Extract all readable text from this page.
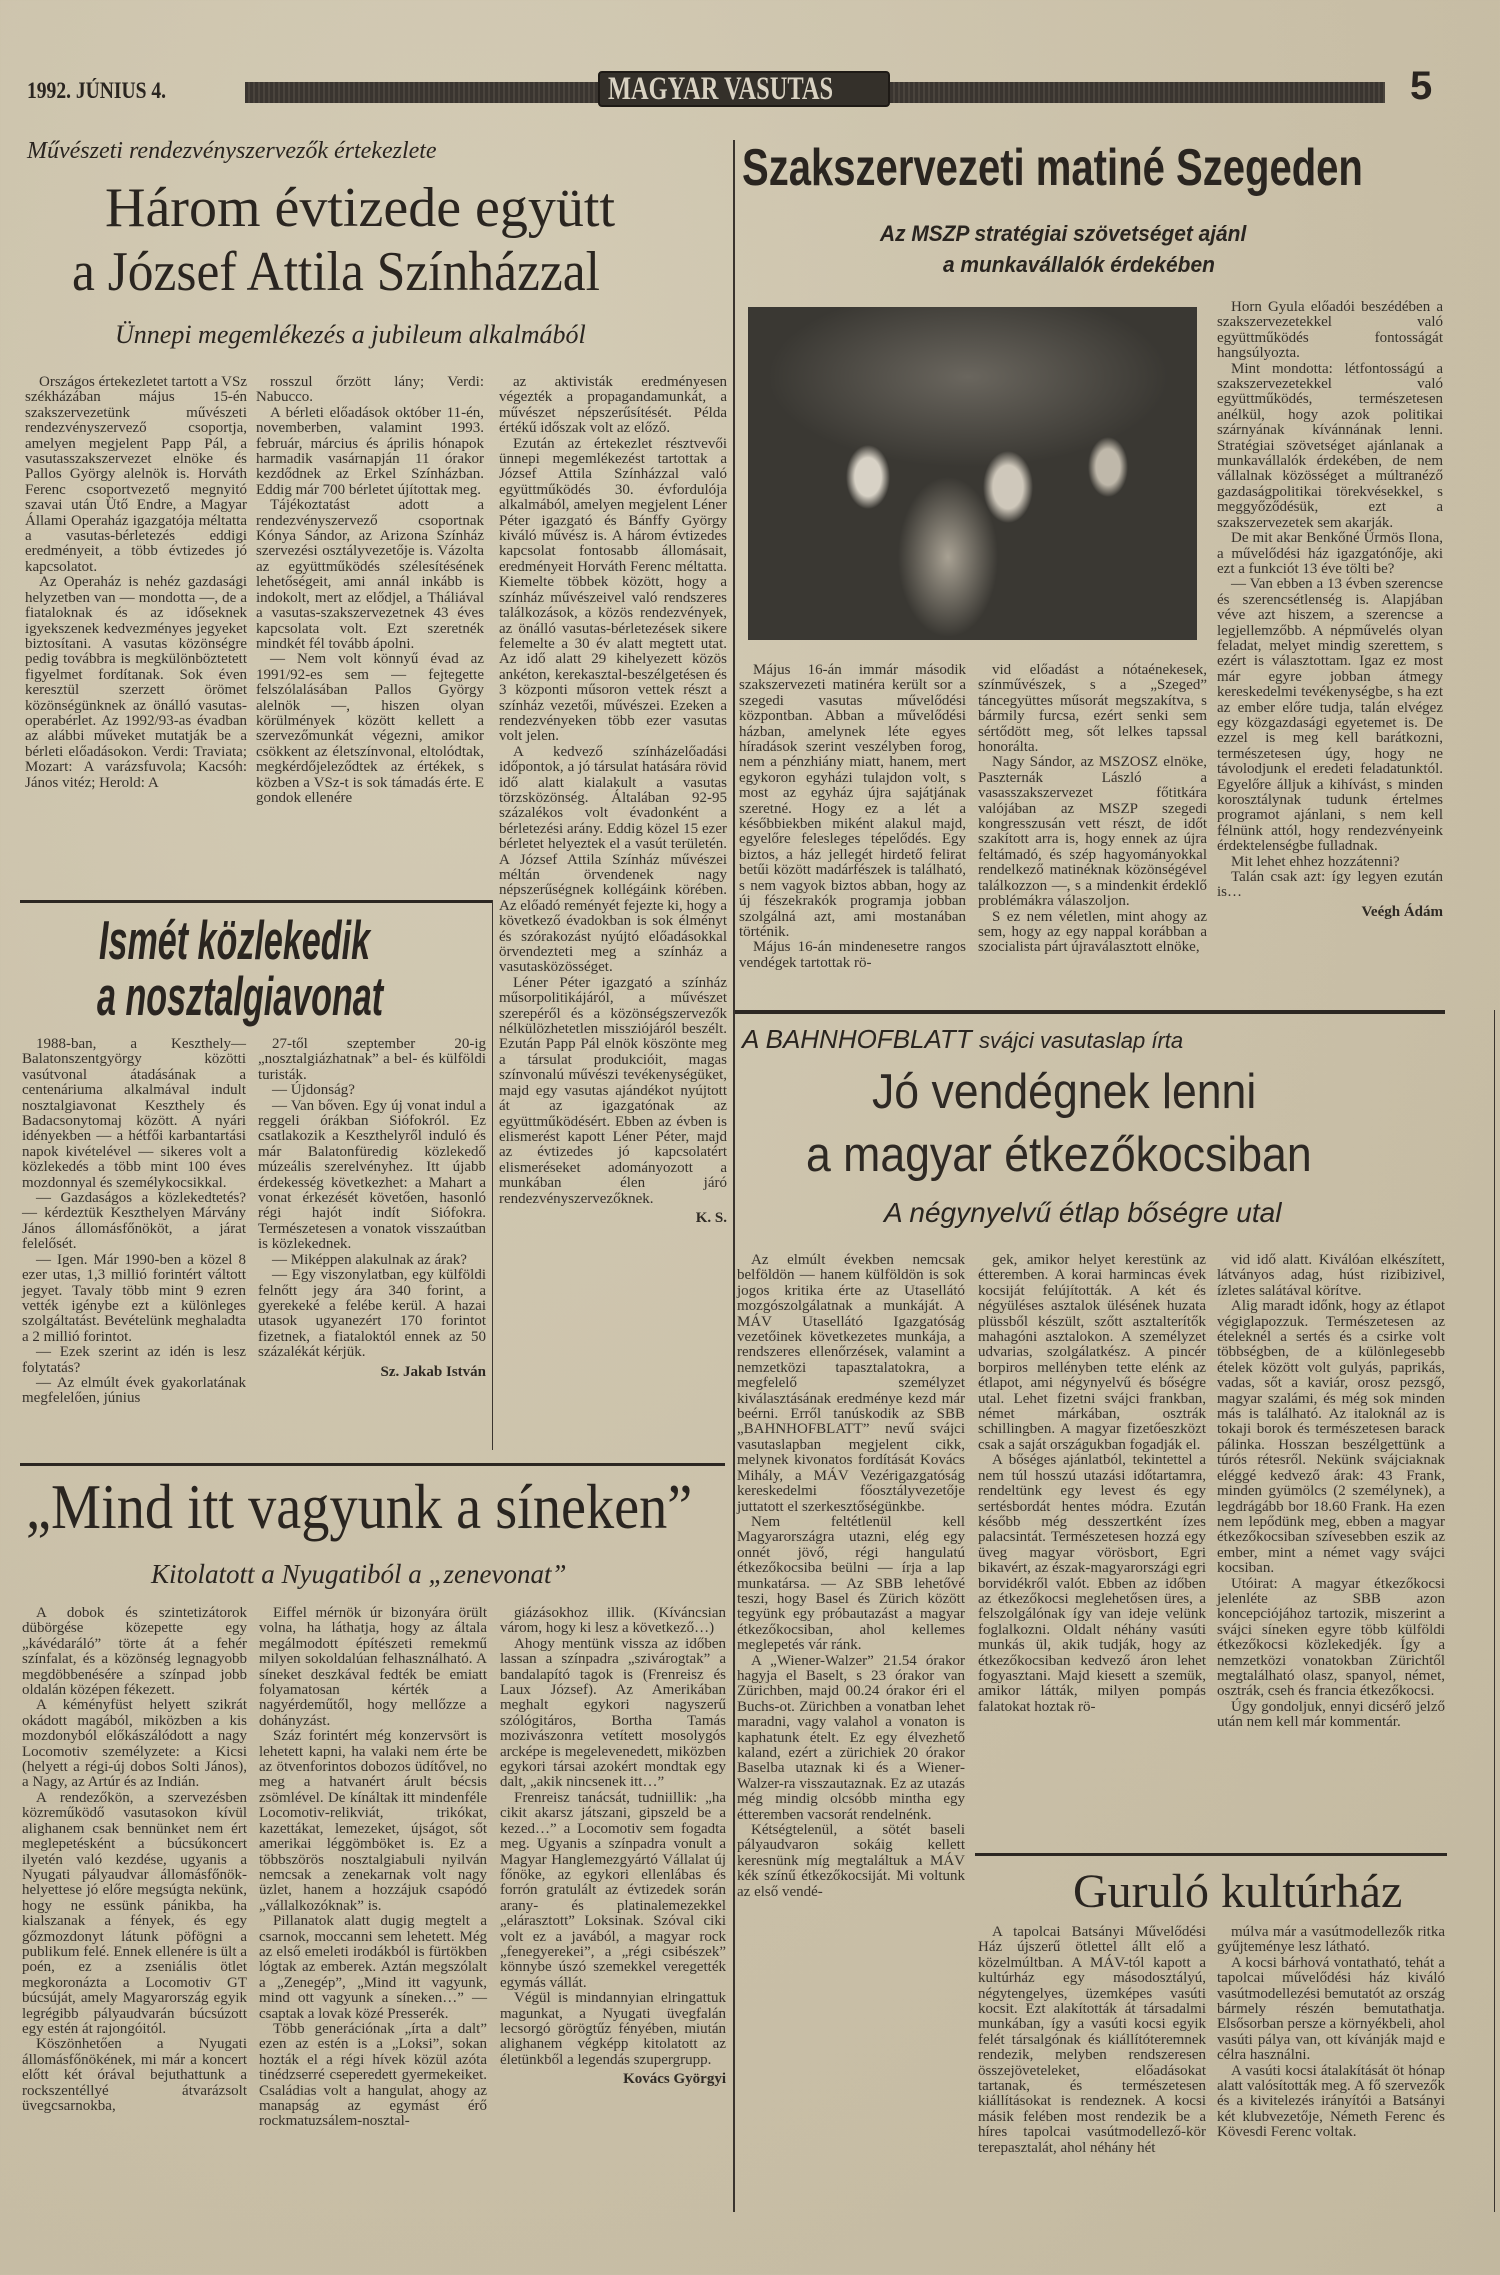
1992. JÚNIUS 4.	MAGYAR VASUTAS	5
Művészeti rendezvényszervezők értekezlete
Három évtizede együtt
a József Attila Színházzal
Ünnepi megemlékezés a jubileum alkalmából

Országos értekezletet tartott a VSz székházában május 15-én szakszervezetünk művészeti rendezvényszervező csoportja, amelyen megjelent Papp Pál, a vasutasszakszervezet elnöke és Pallos György alelnök is. Horváth Ferenc csoportvezető megnyitó szavai után Ütő Endre, a Magyar Állami Operaház igazgatója méltatta a vasutas-bérletezés eddigi eredményeit, a több évtizedes jó kapcsolatot.

Az Operaház is nehéz gazdasági helyzetben van — mondotta —, de a fiataloknak és az időseknek igyekszenek kedvezményes jegyeket biztosítani. A vasutas közönségre pedig továbbra is megkülönböztetett figyelmet fordítanak. Sok éven keresztül szerzett örömet közönségünknek az önálló vasutas-operabérlet. Az 1992/93-as évadban az alábbi műveket mutatják be a bérleti előadásokon. Verdi: Traviata; Mozart: A varázsfuvola; Kacsóh: János vitéz; Herold: A

rosszul őrzött lány; Verdi: Nabucco.

A bérleti előadások október 11-én, novemberben, valamint 1993. február, március és április hónapok harmadik vasárnapján 11 órakor kezdődnek az Erkel Színházban. Eddig már 700 bérletet újítottak meg.

Tájékoztatást adott a rendezvényszervező csoportnak Kónya Sándor, az Arizona Színház szervezési osztályvezetője is. Vázolta az együttműködés szélesítésének lehetőségeit, ami annál inkább is indokolt, mert az elődjel, a Tháliával a vasutas-szakszervezetnek 43 éves kapcsolata volt. Ezt szeretnék mindkét fél tovább ápolni.

— Nem volt könnyű évad az 1991/92-es sem — fejtegette felszólalásában Pallos György alelnök —, hiszen olyan körülmények között kellett a szervezőmunkát végezni, amikor csökkent az életszínvonal, eltolódtak, megkérdőjeleződtek az értékek, s közben a VSz-t is sok támadás érte. E gondok ellenére

az aktivisták eredményesen végezték a propagandamunkát, a művészet népszerűsítését. Példa értékű időszak volt az előző.

Ezután az értekezlet résztvevői ünnepi megemlékezést tartottak a József Attila Színházzal való együttműködés 30. évfordulója alkalmából, amelyen megjelent Léner Péter igazgató és Bánffy György kiváló művész is. A három évtizedes kapcsolat fontosabb állomásait, eredményeit Horváth Ferenc méltatta. Kiemelte többek között, hogy a színház művészeivel való rendszeres találkozások, a közös rendezvények, az önálló vasutas-bérletezések sikere felemelte a 30 év alatt megtett utat. Az idő alatt 29 kihelyezett közös ankéton, kerekasztal-beszélgetésen és 3 központi műsoron vettek részt a színház vezetői, művészei. Ezeken a rendezvényeken több ezer vasutas volt jelen.

A kedvező színházelőadási időpontok, a jó társulat hatására rövid idő alatt kialakult a vasutas törzsközönség. Általában 92-95 százalékos volt évadonként a bérletezési arány. Eddig közel 15 ezer bérletet helyeztek el a vasút területén. A József Attila Színház művészei méltán örvendenek nagy népszerűségnek kollégáink körében. Az előadó reményét fejezte ki, hogy a következő évadokban is sok élményt és szórakozást nyújtó előadásokkal örvendezteti meg a színház a vasutasközösséget.

Léner Péter igazgató a színház műsorpolitikájáról, a művészet szerepéről és a közönségszervezők nélkülözhetetlen missziójáról beszélt. Ezután Papp Pál elnök köszönte meg a társulat produkcióit, magas színvonalú művészi tevékenységüket, majd egy vasutas ajándékot nyújtott át az igazgatónak az együttműködésért. Ebben az évben is elismerést kapott Léner Péter, majd az évtizedes jó kapcsolatért elismeréseket adományozott a munkában élen járó rendezvényszervezőknek.

K. S.
Ismét közlekedik
a nosztalgiavonat

1988-ban, a Keszthely—Balatonszentgyörgy közötti vasútvonal átadásának a centenáriuma alkalmával indult nosztalgiavonat Keszthely és Badacsonytomaj között. A nyári idényekben — a hétfői karbantartási napok kivételével — sikeres volt a közlekedés a több mint 100 éves mozdonnyal és személykocsikkal.

— Gazdaságos a közlekedtetés? — kérdeztük Keszthelyen Márvány János állomásfőnököt, a járat felelősét.

— Igen. Már 1990-ben a közel 8 ezer utas, 1,3 millió forintért váltott jegyet. Tavaly több mint 9 ezren vették igénybe ezt a különleges szolgáltatást. Bevételünk meghaladta a 2 millió forintot.

— Ezek szerint az idén is lesz folytatás?

— Az elmúlt évek gyakorlatának megfelelően, június

27-től szeptember 20-ig „nosztalgiázhatnak” a bel- és külföldi turisták.

— Újdonság?

— Van bőven. Egy új vonat indul a reggeli órákban Siófokról. Ez csatlakozik a Keszthelyről induló és már Balatonfüredig közlekedő múzeális szerelvényhez. Itt újabb érdekesség következhet: a Mahart a vonat érkezését követően, hasonló régi hajót indít Siófokra. Természetesen a vonatok visszaútban is közlekednek.

— Miképpen alakulnak az árak?

— Egy viszonylatban, egy külföldi felnőtt jegy ára 340 forint, a gyerekeké a felébe kerül. A hazai utasok ugyanezért 170 forintot fizetnek, a fiataloktól ennek az 50 százalékát kérjük.

Sz. Jakab István
Szakszervezeti matiné Szegeden
Az MSZP stratégiai szövetséget ajánl
a munkavállalók érdekében

Május 16-án immár második szakszervezeti matinéra került sor a szegedi vasutas művelődési központban. Abban a művelődési házban, amelynek léte egyes híradások szerint veszélyben forog, nem a pénzhiány miatt, hanem, mert egykoron egyházi tulajdon volt, s most az egyház újra sajátjának szeretné. Hogy ez a lét a későbbiekben miként alakul majd, egyelőre felesleges tépelődés. Egy biztos, a ház jellegét hirdető felirat betűi között madárfészek is található, s nem vagyok biztos abban, hogy az új fészekrakók programja jobban szolgálná azt, ami mostanában történik.

Május 16-án mindenesetre rangos vendégek tartottak rö-

vid előadást a nótaénekesek, színművészek, s a „Szeged” táncegyüttes műsorát megszakítva, s bármily furcsa, ezért senki sem sértődött meg, sőt lelkes tapssal honorálta.

Nagy Sándor, az MSZOSZ elnöke, Paszternák László a vasasszakszervezet főtitkára valójában az MSZP szegedi kongresszusán vett részt, de időt szakított arra is, hogy ennek az újra feltámadó, és szép hagyományokkal rendelkező matinéknak közönségével találkozzon —, s a mindenkit érdeklő problémákra válaszoljon.

S ez nem véletlen, mint ahogy az sem, hogy az egy nappal korábban a szocialista párt újraválasztott elnöke,

Horn Gyula előadói beszédében a szakszervezetekkel való együttműködés fontosságát hangsúlyozta.

Mint mondotta: létfontosságú a szakszervezetekkel való együttműködés, természetesen anélkül, hogy azok politikai szárnyának kívánnának lenni. Stratégiai szövetséget ajánlanak a munkavállalók érdekében, de nem vállalnak közösséget a múltranéző gazdaságpolitikai törekvésekkel, s meggyőződésük, ezt a szakszervezetek sem akarják.

De mit akar Benkőné Ürmös Ilona, a művelődési ház igazgatónője, aki ezt a funkciót 13 éve tölti be?

— Van ebben a 13 évben szerencse és szerencsétlenség is. Alapjában véve azt hiszem, a szerencse a legjellemzőbb. A népművelés olyan feladat, melyet mindig szerettem, s ezért is választottam. Igaz ez most már egyre jobban átmegy kereskedelmi tevékenységbe, s ha ezt az ember előre tudja, talán elvégez egy közgazdasági egyetemet is. De ezzel is meg kell barátkozni, természetesen úgy, hogy ne távolodjunk el eredeti feladatunktól. Egyelőre álljuk a kihívást, s minden korosztálynak tudunk értelmes programot ajánlani, s nem kell félnünk attól, hogy rendezvényeink érdektelenségbe fulladnak.

Mit lehet ehhez hozzátenni?

Talán csak azt: így legyen ezután is…

Veégh Ádám
A BAHNHOFBLATT svájci vasutaslap írta
Jó vendégnek lenni
a magyar étkezőkocsiban
A négynyelvű étlap bőségre utal

Az elmúlt években nemcsak belföldön — hanem külföldön is sok jogos kritika érte az Utasellátó mozgószolgálatnak a munkáját. A MÁV Utasellátó Igazgatóság vezetőinek következetes munkája, a rendszeres ellenőrzések, valamint a nemzetközi tapasztalatokra, a megfelelő személyzet kiválasztásának eredménye kezd már beérni. Erről tanúskodik az SBB „BAHNHOFBLATT” nevű svájci vasutaslapban megjelent cikk, melynek kivonatos fordítását Kovács Mihály, a MÁV Vezérigazgatóság kereskedelmi főosztályvezetője juttatott el szerkesztőségünkbe.

Nem feltétlenül kell Magyarországra utazni, elég egy onnét jövő, régi hangulatú étkezőkocsiba beülni — írja a lap munkatársa. — Az SBB lehetővé teszi, hogy Basel és Zürich között tegyünk egy próbautazást a magyar étkezőkocsiban, ahol kellemes meglepetés vár ránk.

A „Wiener-Walzer” 21.54 órakor hagyja el Baselt, s 23 órakor van Zürichben, majd 00.24 órakor éri el Buchs-ot. Zürichben a vonatban lehet maradni, vagy valahol a vonaton is kaphatunk ételt. Ez egy élvezhető kaland, ezért a zürichiek 20 órakor Baselba utaznak ki és a Wiener-Walzer-ra visszautaznak. Ez az utazás még mindig olcsóbb mintha egy étteremben vacsorát rendelnénk.

Kétségtelenül, a sötét baseli pályaudvaron sokáig kellett keresnünk míg megtaláltuk a MÁV kék színű étkezőkocsiját. Mi voltunk az első vendé-

gek, amikor helyet kerestünk az étteremben. A korai harmincas évek kocsiját felújították. A két és négyüléses asztalok ülésének huzata plüssből készült, szőtt asztalterítők mahagóni asztalokon. A személyzet udvarias, szolgálatkész. A pincér borpiros mellényben tette elénk az étlapot, ami négynyelvű és bőségre utal. Lehet fizetni svájci frankban, német márkában, osztrák schillingben. A magyar fizetőeszközt csak a saját országukban fogadják el.

A bőséges ajánlatból, tekintettel a nem túl hosszú utazási időtartamra, rendeltünk egy levest és egy sertésbordát hentes módra. Ezután később még desszertként ízes palacsintát. Természetesen hozzá egy üveg magyar vörösbort, Egri bikavért, az észak-magyarországi egri borvidékről valót. Ebben az időben az étkezőkocsi meglehetősen üres, a felszolgálónak így van ideje velünk foglalkozni. Oldalt néhány vasúti munkás ül, akik tudják, hogy az étkezőkocsiban kedvező áron lehet fogyasztani. Majd kiesett a szemük, amikor látták, milyen pompás falatokat hoztak rö-

vid idő alatt. Kiválóan elkészített, látványos adag, húst rizibizivel, ízletes salátával körítve.

Alig maradt időnk, hogy az étlapot végiglapozzuk. Természetesen az ételeknél a sertés és a csirke volt többségben, de a különlegesebb ételek között volt gulyás, paprikás, vadas, sőt a kaviár, orosz pezsgő, magyar szalámi, és még sok minden más is található. Az italoknál az is tokaji borok és természetesen barack pálinka. Hosszan beszélgettünk a túrós rétesről. Nekünk svájciaknak eléggé kedvező árak: 43 Frank, minden gyümölcs (2 személynek), a legdrágább bor 18.60 Frank. Ha ezen nem lepődünk meg, ebben a magyar étkezőkocsiban szívesebben eszik az ember, mint a német vagy svájci kocsiban.

Utóirat: A magyar étkezőkocsi jelenléte az SBB azon koncepciójához tartozik, miszerint a svájci síneken egyre több külföldi étkezőkocsi közlekedjék. Így a nemzetközi vonatokban Zürichtől megtalálható olasz, spanyol, német, osztrák, cseh és francia étkezőkocsi.

Úgy gondoljuk, ennyi dicsérő jelző után nem kell már kommentár.

Guruló kultúrház

A tapolcai Batsányi Művelődési Ház újszerű ötlettel állt elő a közelmúltban. A MÁV-tól kapott a kultúrház egy másodosztályú, négytengelyes, üzemképes vasúti kocsit. Ezt alakították át társadalmi munkában, így a vasúti kocsi egyik felét társalgónak és kiállítóteremnek rendezik, melyben rendszeresen összejöveteleket, előadásokat tartanak, és természetesen kiállításokat is rendeznek. A kocsi másik felében most rendezik be a híres tapolcai vasútmodellező-kör terepasztalát, ahol néhány hét

múlva már a vasútmodellezők ritka gyűjteménye lesz látható.

A kocsi bárhová vontatható, tehát a tapolcai művelődési ház kiváló vasútmodellezési bemutatót az ország bármely részén bemutathatja. Elsősorban persze a környékbeli, ahol vasúti pálya van, ott kívánják majd e célra használni.

A vasúti kocsi átalakítását öt hónap alatt valósították meg. A fő szervezők és a kivitelezés irányítói a Batsányi két klubvezetője, Németh Ferenc és Kövesdi Ferenc voltak.

„Mind itt vagyunk a síneken”
Kitolatott a Nyugatiból a „zenevonat”

A dobok és szintetizátorok dübörgése közepette egy „kávédaráló” törte át a fehér színfalat, és a közönség legnagyobb megdöbbenésére a színpad jobb oldalán középen fékezett.

A kéményfüst helyett szikrát okádott magából, miközben a kis mozdonyból előkászálódott a nagy Locomotiv személyzete: a Kicsi (helyett a régi-új dobos Solti János), a Nagy, az Artúr és az Indián.

A rendezőkön, a szervezésben közreműködő vasutasokon kívül alighanem csak bennünket nem ért meglepetésként a búcsúkoncert ilyetén való kezdése, ugyanis a Nyugati pályaudvar állomásfőnök-helyettese jó előre megsúgta nekünk, hogy ne essünk pánikba, ha kialszanak a fények, és egy gőzmozdonyt látunk pöfögni a publikum felé. Ennek ellenére is ült a poén, ez a zseniális ötlet megkoronázta a Locomotiv GT búcsúját, amely Magyarország egyik legrégibb pályaudvarán búcsúzott egy estén át rajongóitól.

Köszönhetően a Nyugati állomásfőnökének, mi már a koncert előtt két órával bejuthattunk a rockszentéllyé átvarázsolt üvegcsarnokba,

Eiffel mérnök úr bizonyára örült volna, ha láthatja, hogy az általa megálmodott építészeti remekmű milyen sokoldalúan felhasználható. A síneket deszkával fedték be emiatt folyamatosan kérték a nagyérdeműtől, hogy mellőzze a dohányzást.

Száz forintért még konzervsört is lehetett kapni, ha valaki nem érte be az ötvenforintos dobozos üdítővel, no meg a hatvanért árult bécsis zsömlével. De kínáltak itt mindenféle Locomotiv-relikviát, trikókat, kazettákat, lemezeket, újságot, sőt amerikai léggömböket is. Ez a többszörös nosztalgiabuli nyilván nemcsak a zenekarnak volt nagy üzlet, hanem a hozzájuk csapódó „vállalkozóknak” is.

Pillanatok alatt dugig megtelt a csarnok, moccanni sem lehetett. Még az első emeleti irodákból is fürtökben lógtak az emberek. Aztán megszólalt a „Zenegép”, „Mind itt vagyunk, mind ott vagyunk a síneken…” — csaptak a lovak közé Presserék.

Több generációnak „írta a dalt” ezen az estén is a „Loksi”, sokan hozták el a régi hívek közül azóta tinédzserré cseperedett gyermekeiket. Családias volt a hangulat, ahogy az manapság az egymást érő rockmatuzsálem-nosztal-

giázásokhoz illik. (Kíváncsian várom, hogy ki lesz a következő…)

Ahogy mentünk vissza az időben lassan a színpadra „szivárogtak” a bandalapító tagok is (Frenreisz és Laux József). Az Amerikában meghalt egykori nagyszerű szólógitáros, Bortha Tamás mozivászonra vetített mosolygós arcképe is megelevenedett, miközben egykori társai azokért mondtak egy dalt, „akik nincsenek itt…”

Frenreisz tanácsát, tudniillik: „ha cikit akarsz játszani, gipszeld be a kezed…” a Locomotiv sem fogadta meg. Ugyanis a színpadra vonult a Magyar Hanglemezgyártó Vállalat új főnöke, az egykori ellenlábas és forrón gratulált az évtizedek során arany- és platinalemezekkel „elárasztott” Loksinak. Szóval ciki volt ez a javából, a magyar rock „fenegyerekei”, a „régi csibészek” könnybe úszó szemekkel veregették egymás vállát.

Végül is mindannyian elringattuk magunkat, a Nyugati üvegfalán lecsorgó görögtűz fényében, miután alighanem végképp kitolatott az életünkből a legendás szupergrupp.

Kovács Györgyi
